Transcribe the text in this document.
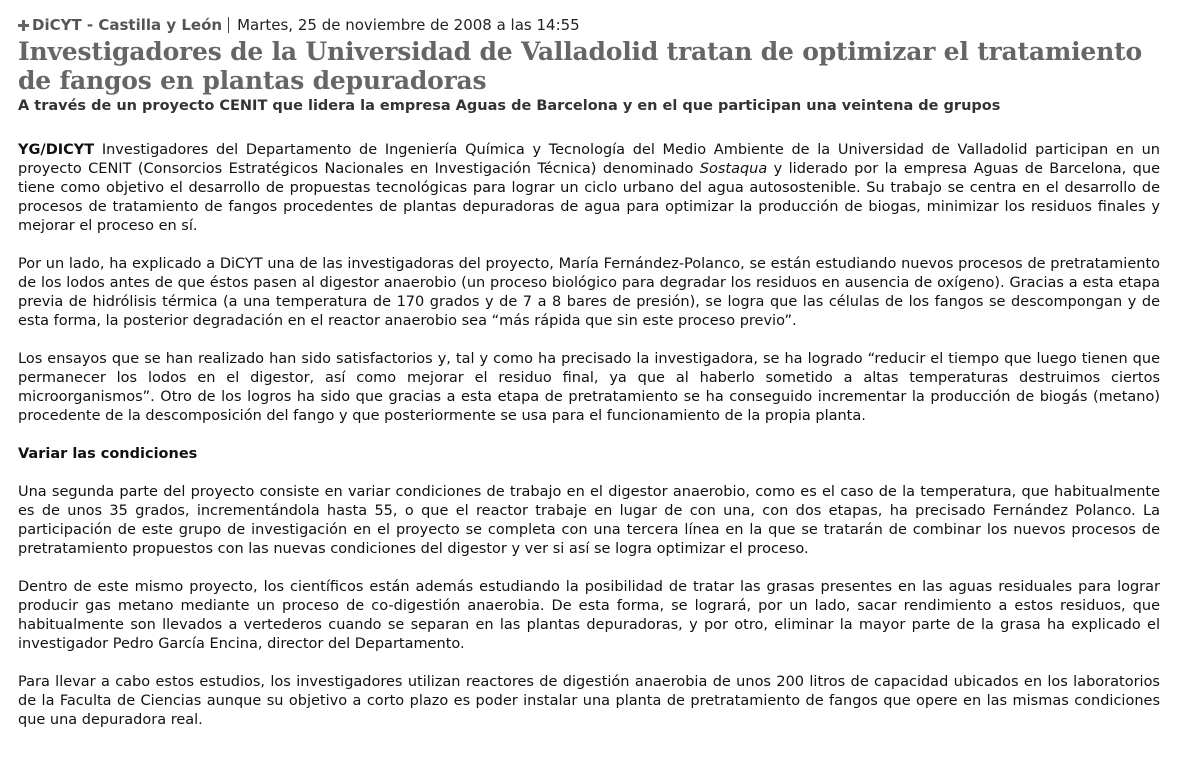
DiCYT - Castilla y León Martes, 25 de noviembre de 2008 a las 14:55
Investigadores de la Universidad de Valladolid tratan de optimizar el tratamiento de fangos en plantas depuradoras
A través de un proyecto CENIT que lidera la empresa Aguas de Barcelona y en el que participan una veintena de grupos

YG/DICYT Investigadores del Departamento de Ingeniería Química y Tecnología del Medio Ambiente de la Universidad de Valladolid participan en un proyecto CENIT (Consorcios Estratégicos Nacionales en Investigación Técnica) denominado Sostaqua y liderado por la empresa Aguas de Barcelona, que tiene como objetivo el desarrollo de propuestas tecnológicas para lograr un ciclo urbano del agua autosostenible. Su trabajo se centra en el desarrollo de procesos de tratamiento de fangos procedentes de plantas depuradoras de agua para optimizar la producción de biogas, minimizar los residuos finales y mejorar el proceso en sí.

Por un lado, ha explicado a DiCYT una de las investigadoras del proyecto, María Fernández-Polanco, se están estudiando nuevos procesos de pretratamiento de los lodos antes de que éstos pasen al digestor anaerobio (un proceso biológico para degradar los residuos en ausencia de oxígeno). Gracias a esta etapa previa de hidrólisis térmica (a una temperatura de 170 grados y de 7 a 8 bares de presión), se logra que las células de los fangos se descompongan y de esta forma, la posterior degradación en el reactor anaerobio sea “más rápida que sin este proceso previo”.

Los ensayos que se han realizado han sido satisfactorios y, tal y como ha precisado la investigadora, se ha logrado “reducir el tiempo que luego tienen que permanecer los lodos en el digestor, así como mejorar el residuo final, ya que al haberlo sometido a altas temperaturas destruimos ciertos microorganismos”. Otro de los logros ha sido que gracias a esta etapa de pretratamiento se ha conseguido incrementar la producción de biogás (metano) procedente de la descomposición del fango y que posteriormente se usa para el funcionamiento de la propia planta.

Variar las condiciones

Una segunda parte del proyecto consiste en variar condiciones de trabajo en el digestor anaerobio, como es el caso de la temperatura, que habitualmente es de unos 35 grados, incrementándola hasta 55, o que el reactor trabaje en lugar de con una, con dos etapas, ha precisado Fernández Polanco. La participación de este grupo de investigación en el proyecto se completa con una tercera línea en la que se tratarán de combinar los nuevos procesos de pretratamiento propuestos con las nuevas condiciones del digestor y ver si así se logra optimizar el proceso.

Dentro de este mismo proyecto, los científicos están además estudiando la posibilidad de tratar las grasas presentes en las aguas residuales para lograr producir gas metano mediante un proceso de co-digestión anaerobia. De esta forma, se logrará, por un lado, sacar rendimiento a estos residuos, que habitualmente son llevados a vertederos cuando se separan en las plantas depuradoras, y por otro, eliminar la mayor parte de la grasa ha explicado el investigador Pedro García Encina, director del Departamento.

Para llevar a cabo estos estudios, los investigadores utilizan reactores de digestión anaerobia de unos 200 litros de capacidad ubicados en los laboratorios de la Faculta de Ciencias aunque su objetivo a corto plazo es poder instalar una planta de pretratamiento de fangos que opere en las mismas condiciones que una depuradora real.
